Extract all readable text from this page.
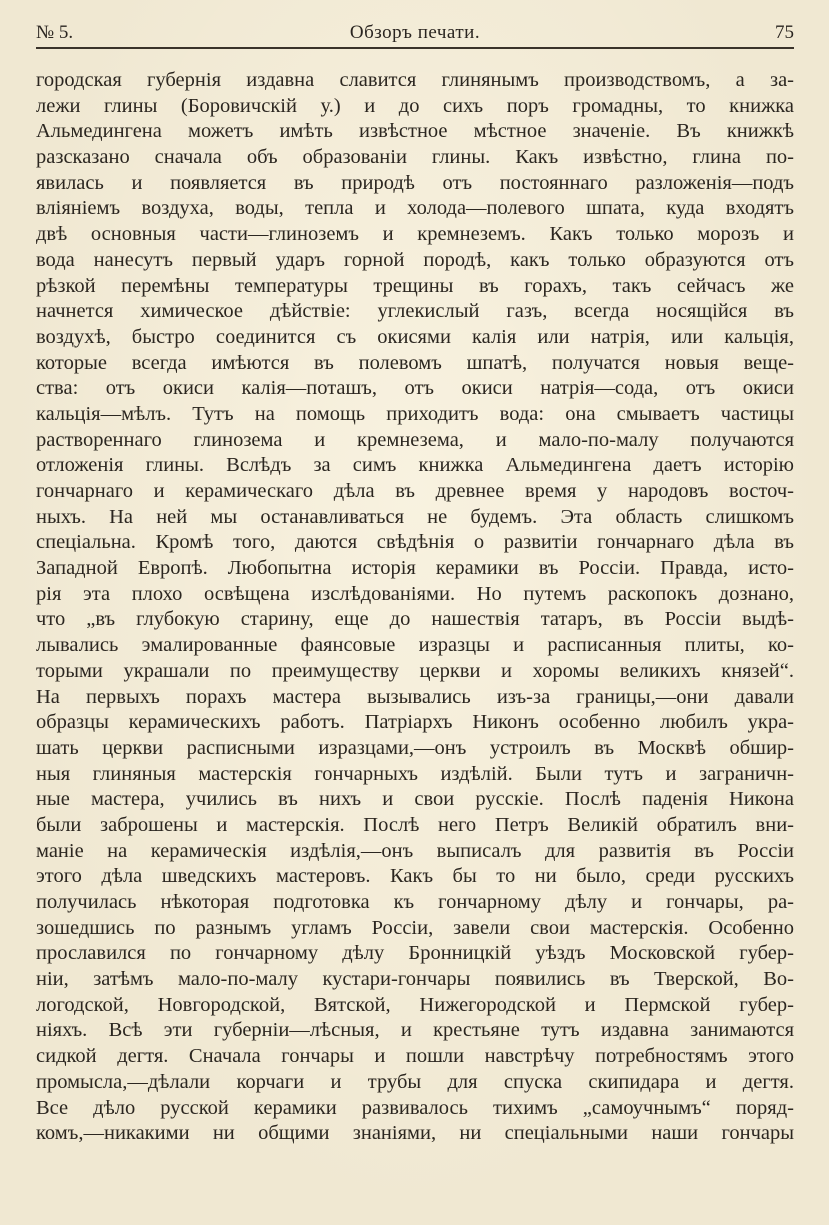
№ 5.	Обзоръ печати.	75
городская губернія издавна славится глинянымъ производствомъ, а за-
лежи глины (Боровичскій у.) и до сихъ поръ громадны, то книжка
Альмедингена можетъ имѣть извѣстное мѣстное значеніе. Въ книжкѣ
разсказано сначала объ образованіи глины. Какъ извѣстно, глина по-
явилась и появляется въ природѣ отъ постояннаго разложенія—подъ
вліяніемъ воздуха, воды, тепла и холода—полевого шпата, куда входятъ
двѣ основныя части—глиноземъ и кремнеземъ. Какъ только морозъ и
вода нанесутъ первый ударъ горной породѣ, какъ только образуются отъ
рѣзкой перемѣны температуры трещины въ горахъ, такъ сейчасъ же
начнется химическое дѣйствіе: углекислый газъ, всегда носящійся въ
воздухѣ, быстро соединится съ окисями калія или натрія, или кальція,
которые всегда имѣются въ полевомъ шпатѣ, получатся новыя веще-
ства: отъ окиси калія—поташъ, отъ окиси натрія—сода, отъ окиси
кальція—мѣлъ. Тутъ на помощь приходитъ вода: она смываетъ частицы
раствореннаго глинозема и кремнезема, и мало-по-малу получаются
отложенія глины. Вслѣдъ за симъ книжка Альмедингена даетъ исторію
гончарнаго и керамическаго дѣла въ древнее время у народовъ восточ-
ныхъ. На ней мы останавливаться не будемъ. Эта область слишкомъ
спеціальна. Кромѣ того, даются свѣдѣнія о развитіи гончарнаго дѣла въ
Западной Европѣ. Любопытна исторія керамики въ Россіи. Правда, исто-
рія эта плохо освѣщена изслѣдованіями. Но путемъ раскопокъ дознано,
что „въ глубокую старину, еще до нашествія татаръ, въ Россіи выдѣ-
лывались эмалированные фаянсовые изразцы и расписанныя плиты, ко-
торыми украшали по преимуществу церкви и хоромы великихъ князей“.
На первыхъ порахъ мастера вызывались изъ-за границы,—они давали
образцы керамическихъ работъ. Патріархъ Никонъ особенно любилъ укра-
шать церкви расписными изразцами,—онъ устроилъ въ Москвѣ обшир-
ныя глиняныя мастерскія гончарныхъ издѣлій. Были тутъ и заграничн-
ные мастера, учились въ нихъ и свои русскіе. Послѣ паденія Никона
были заброшены и мастерскія. Послѣ него Петръ Великій обратилъ вни-
маніе на керамическія издѣлія,—онъ выписалъ для развитія въ Россіи
этого дѣла шведскихъ мастеровъ. Какъ бы то ни было, среди русскихъ
получилась нѣкоторая подготовка къ гончарному дѣлу и гончары, ра-
зошедшись по разнымъ угламъ Россіи, завели свои мастерскія. Особенно
прославился по гончарному дѣлу Бронницкій уѣздъ Московской губер-
ніи, затѣмъ мало-по-малу кустари-гончары появились въ Тверской, Во-
логодской, Новгородской, Вятской, Нижегородской и Пермской губер-
ніяхъ. Всѣ эти губерніи—лѣсныя, и крестьяне тутъ издавна занимаются
сидкой дегтя. Сначала гончары и пошли навстрѣчу потребностямъ этого
промысла,—дѣлали корчаги и трубы для спуска скипидара и дегтя.
Все дѣло русской керамики развивалось тихимъ „самоучнымъ“ поряд-
комъ,—никакими ни общими знаніями, ни спеціальными наши гончары
